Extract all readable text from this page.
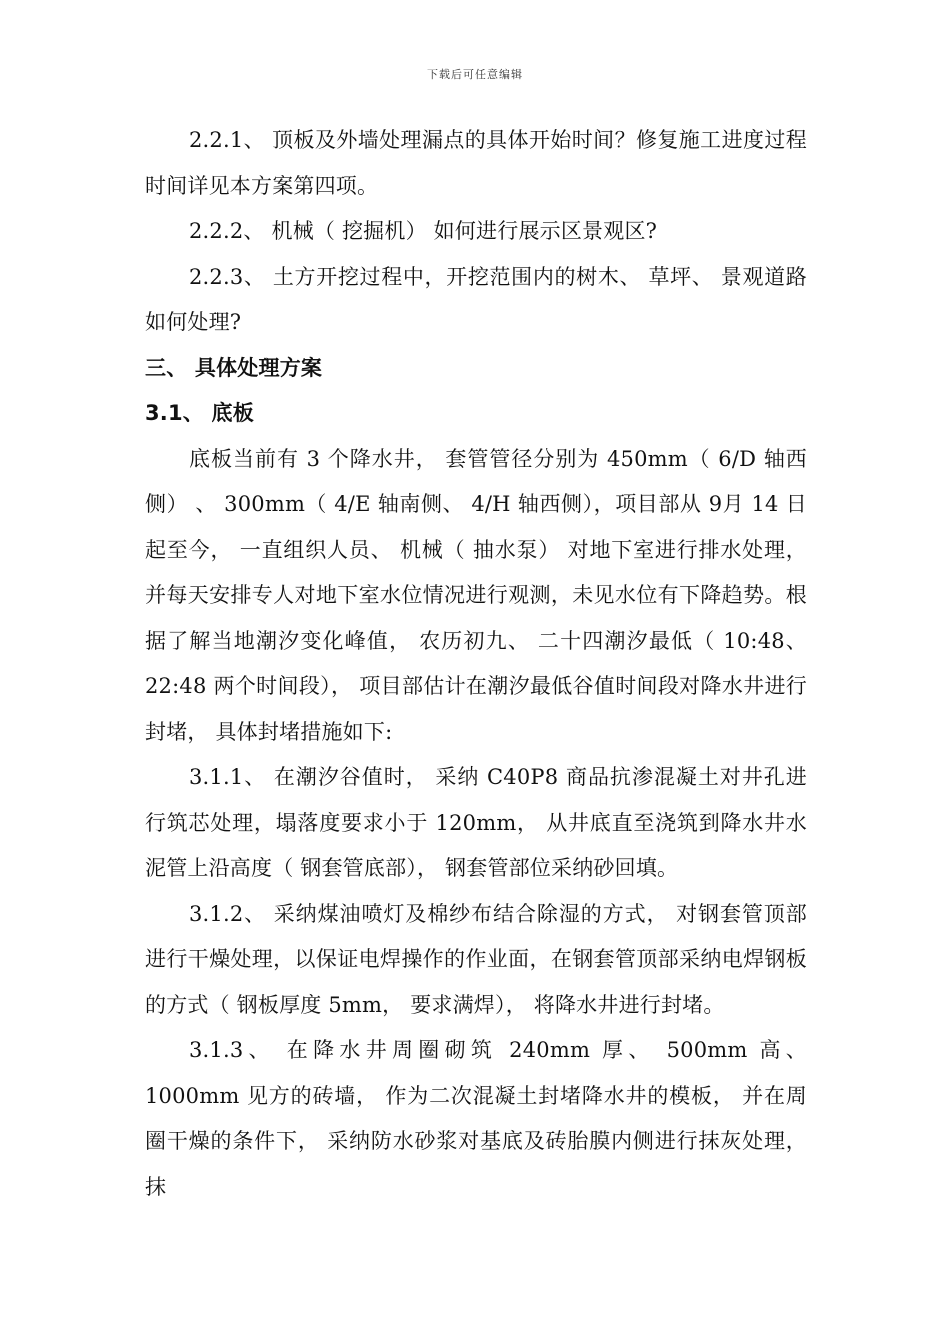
下载后可任意编辑

2.2.1、 顶板及外墙处理漏点的具体开始时间？修复施工进度过程时间详见本方案第四项。

2.2.2、 机械（ 挖掘机） 如何进行展示区景观区?

2.2.3、 土方开挖过程中，开挖范围内的树木、 草坪、 景观道路如何处理?

三、 具体处理方案

3.1、 底板

底板当前有 3 个降水井， 套管管径分别为 450mm（ 6/D 轴西侧） 、 300mm（ 4/E 轴南侧、 4/H 轴西侧），项目部从 9月 14 日起至今， 一直组织人员、 机械（ 抽水泵） 对地下室进行排水处理， 并每天安排专人对地下室水位情况进行观测，未见水位有下降趋势。根据了解当地潮汐变化峰值， 农历初九、 二十四潮汐最低（ 10:48、 22:48 两个时间段）， 项目部估计在潮汐最低谷值时间段对降水井进行封堵， 具体封堵措施如下:

3.1.1、 在潮汐谷值时， 采纳 C40P8 商品抗渗混凝土对井孔进行筑芯处理，塌落度要求小于 120mm， 从井底直至浇筑到降水井水泥管上沿高度（ 钢套管底部）， 钢套管部位采纳砂回填。

3.1.2、 采纳煤油喷灯及棉纱布结合除湿的方式， 对钢套管顶部进行干燥处理，以保证电焊操作的作业面，在钢套管顶部采纳电焊钢板的方式（ 钢板厚度 5mm， 要求满焊）， 将降水井进行封堵。

3.1.3、 在降水井周圈砌筑 240mm 厚、 500mm 高、 1000mm 见方的砖墙， 作为二次混凝土封堵降水井的模板， 并在周圈干燥的条件下， 采纳防水砂浆对基底及砖胎膜内侧进行抹灰处理， 抹
